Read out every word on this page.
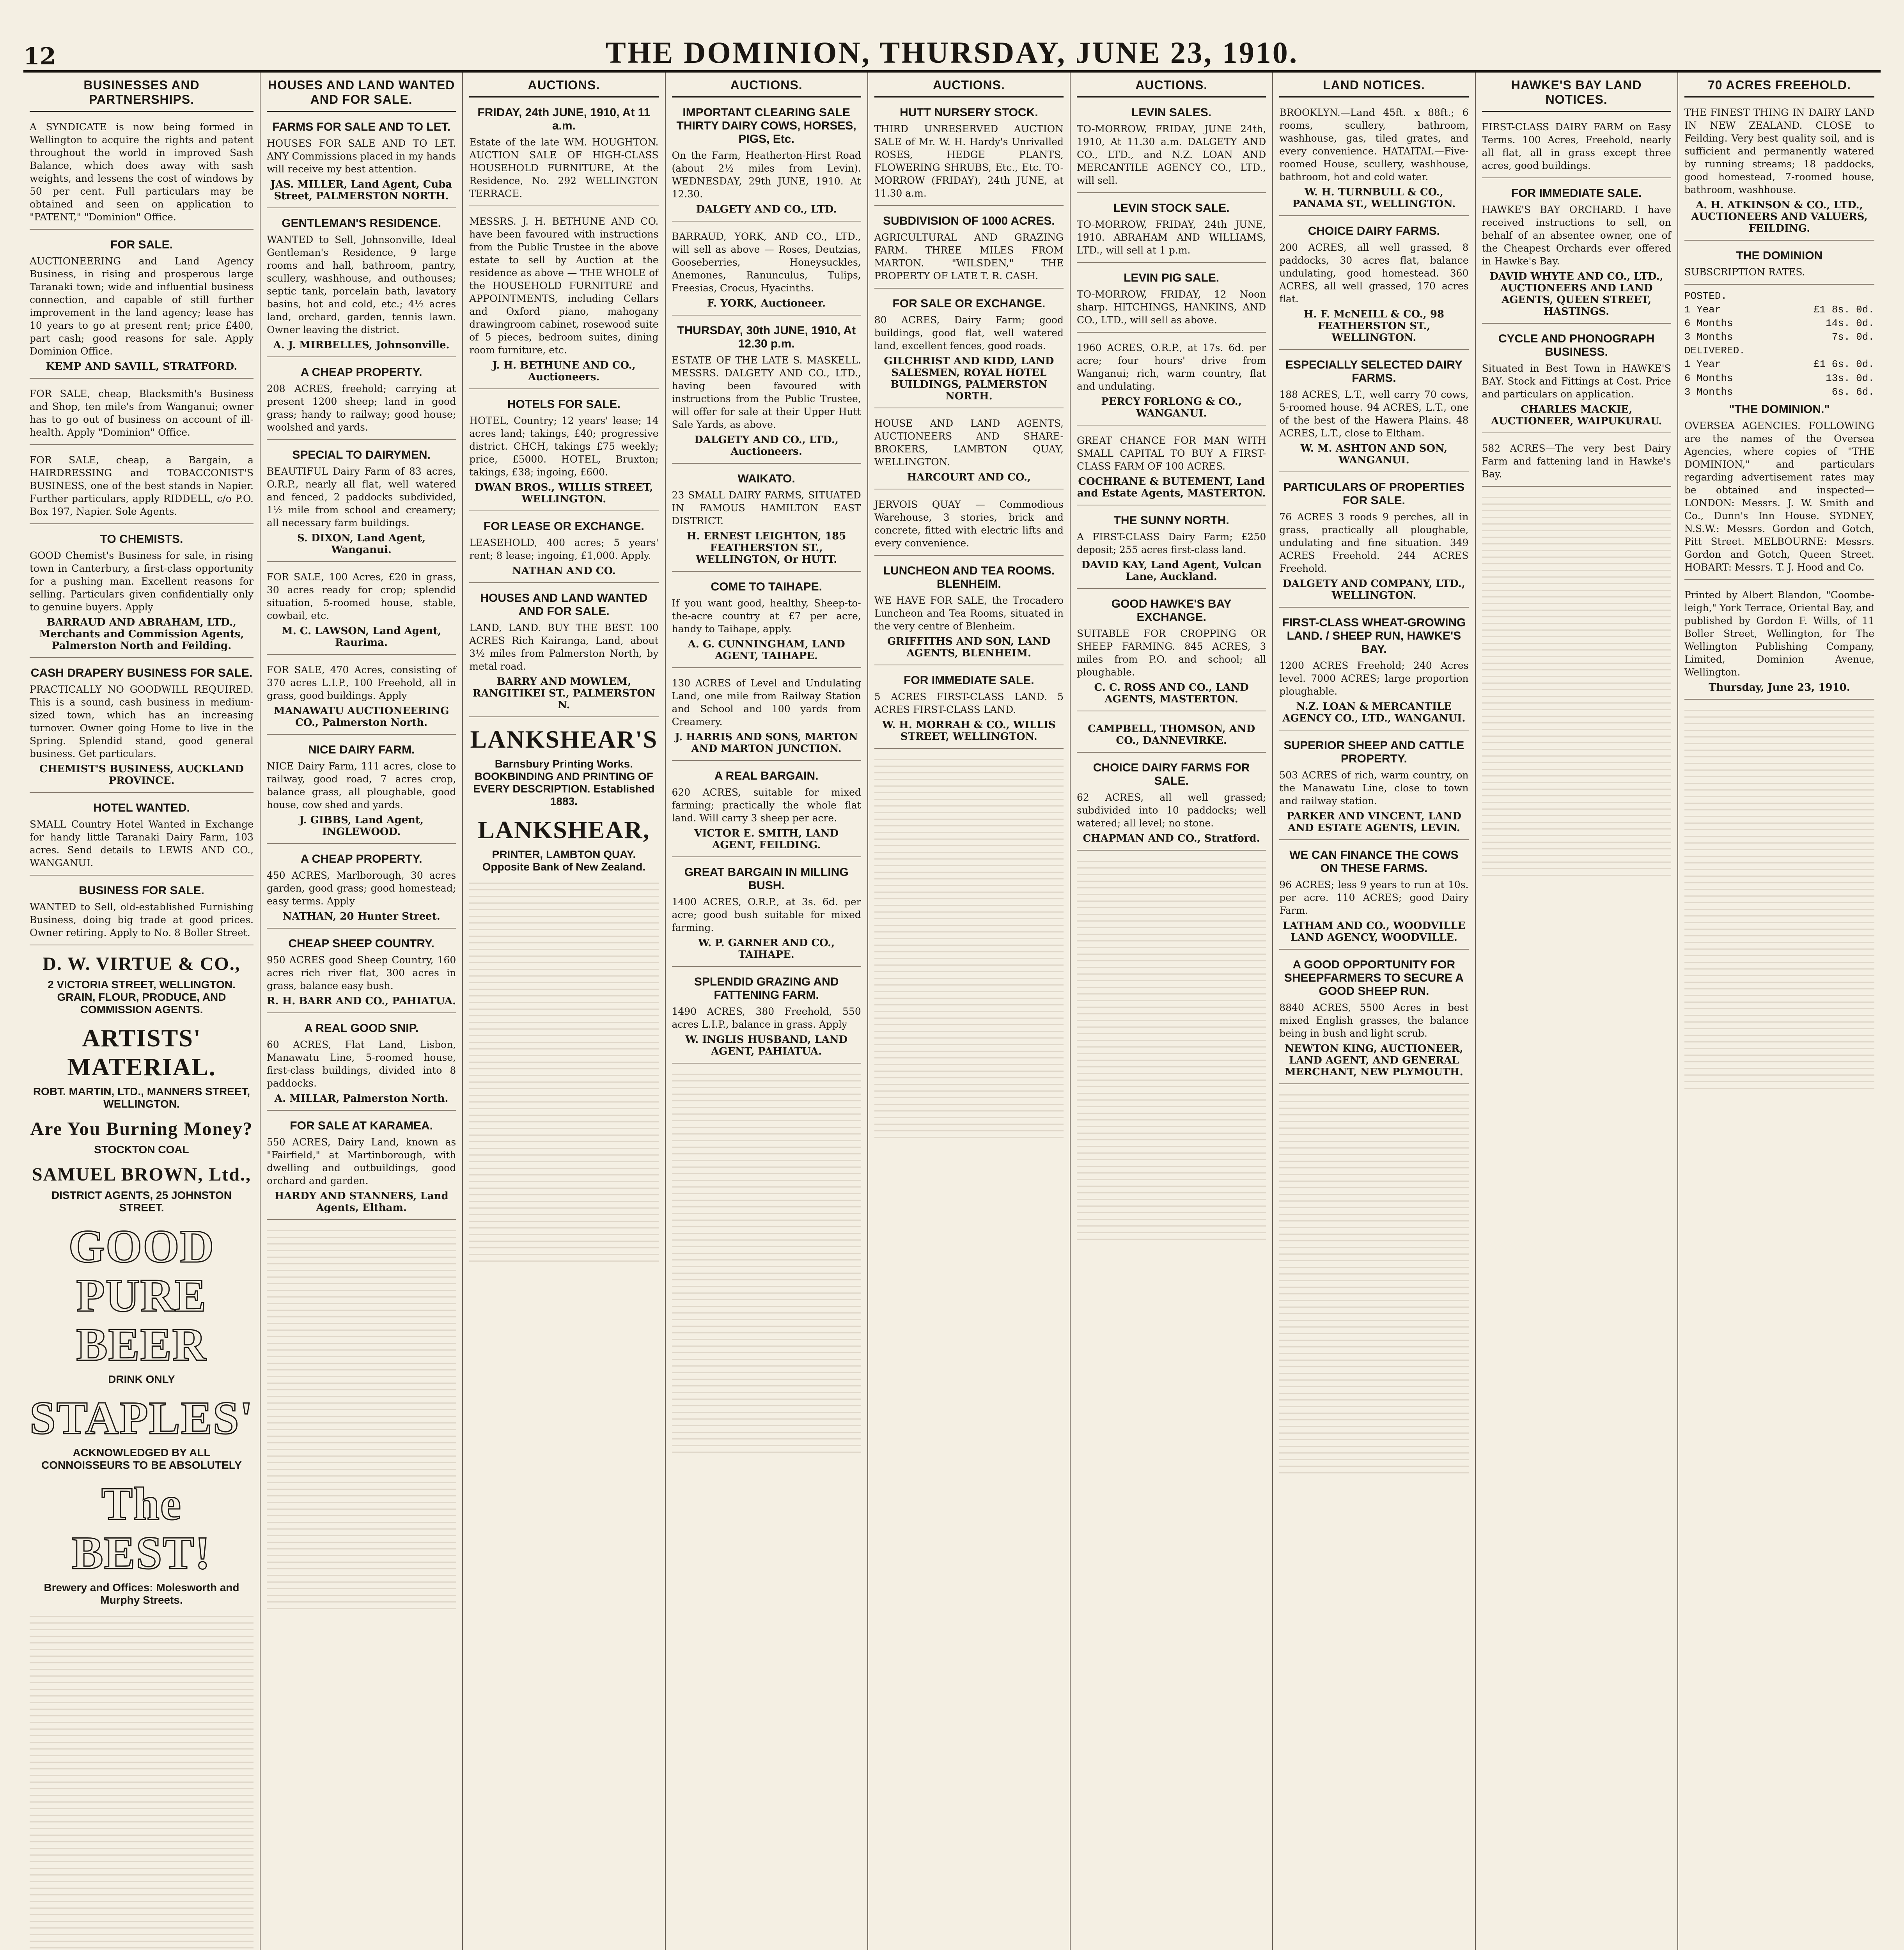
12	THE DOMINION, THURSDAY, JUNE 23, 1910.
BUSINESSES AND PARTNERSHIPS.
A SYNDICATE is now being formed in Wellington to acquire the rights and patent throughout the world in improved Sash Balance, which does away with sash weights, and lessens the cost of windows by 50 per cent. Full particulars may be obtained and seen on application to "PATENT," "Dominion" Office.
FOR SALE.
AUCTIONEERING and Land Agency Business, in rising and prosperous large Taranaki town; wide and influential business connection, and capable of still further improvement in the land agency; lease has 10 years to go at present rent; price £400, part cash; good reasons for sale. Apply Dominion Office.
KEMP AND SAVILL, STRATFORD.
FOR SALE, cheap, Blacksmith's Business and Shop, ten mile's from Wanganui; owner has to go out of business on account of ill-health. Apply "Dominion" Office.
FOR SALE, cheap, a Bargain, a HAIRDRESSING and TOBACCONIST'S BUSINESS, one of the best stands in Napier. Further particulars, apply RIDDELL, c/o P.O. Box 197, Napier. Sole Agents.
TO CHEMISTS.
GOOD Chemist's Business for sale, in rising town in Canterbury, a first-class opportunity for a pushing man. Excellent reasons for selling. Particulars given confidentially only to genuine buyers. Apply
BARRAUD AND ABRAHAM, LTD., Merchants and Commission Agents, Palmerston North and Feilding.
CASH DRAPERY BUSINESS FOR SALE.
PRACTICALLY NO GOODWILL REQUIRED. This is a sound, cash business in medium-sized town, which has an increasing turnover. Owner going Home to live in the Spring. Splendid stand, good general business. Get particulars.
CHEMIST'S BUSINESS, AUCKLAND PROVINCE.
HOTEL WANTED.
SMALL Country Hotel Wanted in Exchange for handy little Taranaki Dairy Farm, 103 acres. Send details to LEWIS AND CO., WANGANUI.
BUSINESS FOR SALE.
WANTED to Sell, old-established Furnishing Business, doing big trade at good prices. Owner retiring. Apply to No. 8 Boller Street.
D. W. VIRTUE & CO.,
2 VICTORIA STREET, WELLINGTON. GRAIN, FLOUR, PRODUCE, AND COMMISSION AGENTS.
ARTISTS' MATERIAL.
ROBT. MARTIN, LTD., MANNERS STREET, WELLINGTON.
Are You Burning Money?
STOCKTON COAL
SAMUEL BROWN, Ltd.,
DISTRICT AGENTS, 25 JOHNSTON STREET.
GOOD PURE BEER
DRINK ONLY
STAPLES'
ACKNOWLEDGED BY ALL CONNOISSEURS TO BE ABSOLUTELY
The BEST!
Brewery and Offices: Molesworth and Murphy Streets.
HOUSES AND LAND WANTED AND FOR SALE.
FARMS FOR SALE AND TO LET.
HOUSES FOR SALE AND TO LET. ANY Commissions placed in my hands will receive my best attention.
JAS. MILLER, Land Agent, Cuba Street, PALMERSTON NORTH.
GENTLEMAN'S RESIDENCE.
WANTED to Sell, Johnsonville, Ideal Gentleman's Residence, 9 large rooms and hall, bathroom, pantry, scullery, washhouse, and outhouses; septic tank, porcelain bath, lavatory basins, hot and cold, etc.; 4½ acres land, orchard, garden, tennis lawn. Owner leaving the district.
A. J. MIRBELLES, Johnsonville.
A CHEAP PROPERTY.
208 ACRES, freehold; carrying at present 1200 sheep; land in good grass; handy to railway; good house; woolshed and yards.
SPECIAL TO DAIRYMEN.
BEAUTIFUL Dairy Farm of 83 acres, O.R.P., nearly all flat, well watered and fenced, 2 paddocks subdivided, 1½ mile from school and creamery; all necessary farm buildings.
S. DIXON, Land Agent, Wanganui.
FOR SALE, 100 Acres, £20 in grass, 30 acres ready for crop; splendid situation, 5-roomed house, stable, cowbail, etc.
M. C. LAWSON, Land Agent, Raurima.
FOR SALE, 470 Acres, consisting of 370 acres L.I.P., 100 Freehold, all in grass, good buildings. Apply
MANAWATU AUCTIONEERING CO., Palmerston North.
NICE DAIRY FARM.
NICE Dairy Farm, 111 acres, close to railway, good road, 7 acres crop, balance grass, all ploughable, good house, cow shed and yards.
J. GIBBS, Land Agent, INGLEWOOD.
A CHEAP PROPERTY.
450 ACRES, Marlborough, 30 acres garden, good grass; good homestead; easy terms. Apply
NATHAN, 20 Hunter Street.
CHEAP SHEEP COUNTRY.
950 ACRES good Sheep Country, 160 acres rich river flat, 300 acres in grass, balance easy bush.
R. H. BARR AND CO., PAHIATUA.
A REAL GOOD SNIP.
60 ACRES, Flat Land, Lisbon, Manawatu Line, 5-roomed house, first-class buildings, divided into 8 paddocks.
A. MILLAR, Palmerston North.
FOR SALE AT KARAMEA.
550 ACRES, Dairy Land, known as "Fairfield," at Martinborough, with dwelling and outbuildings, good orchard and garden.
HARDY AND STANNERS, Land Agents, Eltham.
AUCTIONS.
FRIDAY, 24th JUNE, 1910, At 11 a.m.
Estate of the late WM. HOUGHTON. AUCTION SALE OF HIGH-CLASS HOUSEHOLD FURNITURE, At the Residence, No. 292 WELLINGTON TERRACE.
MESSRS. J. H. BETHUNE AND CO. have been favoured with instructions from the Public Trustee in the above estate to sell by Auction at the residence as above — THE WHOLE of the HOUSEHOLD FURNITURE and APPOINTMENTS, including Cellars and Oxford piano, mahogany drawingroom cabinet, rosewood suite of 5 pieces, bedroom suites, dining room furniture, etc.
J. H. BETHUNE AND CO., Auctioneers.
HOTELS FOR SALE.
HOTEL, Country; 12 years' lease; 14 acres land; takings, £40; progressive district. CHCH, takings £75 weekly; price, £5000. HOTEL, Bruxton; takings, £38; ingoing, £600.
DWAN BROS., WILLIS STREET, WELLINGTON.
FOR LEASE OR EXCHANGE.
LEASEHOLD, 400 acres; 5 years' rent; 8 lease; ingoing, £1,000. Apply.
NATHAN AND CO.
HOUSES AND LAND WANTED AND FOR SALE.
LAND, LAND. BUY THE BEST. 100 ACRES Rich Kairanga, Land, about 3½ miles from Palmerston North, by metal road.
BARRY AND MOWLEM, RANGITIKEI ST., PALMERSTON N.
LANKSHEAR'S
Barnsbury Printing Works. BOOKBINDING AND PRINTING OF EVERY DESCRIPTION. Established 1883.
LANKSHEAR,
PRINTER, LAMBTON QUAY. Opposite Bank of New Zealand.
AUCTIONS.
IMPORTANT CLEARING SALE THIRTY DAIRY COWS, HORSES, PIGS, Etc.
On the Farm, Heatherton-Hirst Road (about 2½ miles from Levin). WEDNESDAY, 29th JUNE, 1910. At 12.30.
DALGETY AND CO., LTD.
BARRAUD, YORK, AND CO., LTD., will sell as above — Roses, Deutzias, Gooseberries, Honeysuckles, Anemones, Ranunculus, Tulips, Freesias, Crocus, Hyacinths.
F. YORK, Auctioneer.
THURSDAY, 30th JUNE, 1910, At 12.30 p.m.
ESTATE OF THE LATE S. MASKELL. MESSRS. DALGETY AND CO., LTD., having been favoured with instructions from the Public Trustee, will offer for sale at their Upper Hutt Sale Yards, as above.
DALGETY AND CO., LTD., Auctioneers.
WAIKATO.
23 SMALL DAIRY FARMS, SITUATED IN FAMOUS HAMILTON EAST DISTRICT.
H. ERNEST LEIGHTON, 185 FEATHERSTON ST., WELLINGTON, Or HUTT.
COME TO TAIHAPE.
If you want good, healthy, Sheep-to-the-acre country at £7 per acre, handy to Taihape, apply.
A. G. CUNNINGHAM, LAND AGENT, TAIHAPE.
130 ACRES of Level and Undulating Land, one mile from Railway Station and School and 100 yards from Creamery.
J. HARRIS AND SONS, MARTON AND MARTON JUNCTION.
A REAL BARGAIN.
620 ACRES, suitable for mixed farming; practically the whole flat land. Will carry 3 sheep per acre.
VICTOR E. SMITH, LAND AGENT, FEILDING.
GREAT BARGAIN IN MILLING BUSH.
1400 ACRES, O.R.P., at 3s. 6d. per acre; good bush suitable for mixed farming.
W. P. GARNER AND CO., TAIHAPE.
SPLENDID GRAZING AND FATTENING FARM.
1490 ACRES, 380 Freehold, 550 acres L.I.P., balance in grass. Apply
W. INGLIS HUSBAND, LAND AGENT, PAHIATUA.
AUCTIONS.
HUTT NURSERY STOCK.
THIRD UNRESERVED AUCTION SALE of Mr. W. H. Hardy's Unrivalled ROSES, HEDGE PLANTS, FLOWERING SHRUBS, Etc., Etc. TO-MORROW (FRIDAY), 24th JUNE, at 11.30 a.m.
SUBDIVISION OF 1000 ACRES.
AGRICULTURAL AND GRAZING FARM. THREE MILES FROM MARTON. "WILSDEN," THE PROPERTY OF LATE T. R. CASH.
FOR SALE OR EXCHANGE.
80 ACRES, Dairy Farm; good buildings, good flat, well watered land, excellent fences, good roads.
GILCHRIST AND KIDD, LAND SALESMEN, ROYAL HOTEL BUILDINGS, PALMERSTON NORTH.
HOUSE AND LAND AGENTS, AUCTIONEERS AND SHARE-BROKERS, LAMBTON QUAY, WELLINGTON.
HARCOURT AND CO.,
JERVOIS QUAY — Commodious Warehouse, 3 stories, brick and concrete, fitted with electric lifts and every convenience.
LUNCHEON AND TEA ROOMS. BLENHEIM.
WE HAVE FOR SALE, the Trocadero Luncheon and Tea Rooms, situated in the very centre of Blenheim.
GRIFFITHS AND SON, LAND AGENTS, BLENHEIM.
FOR IMMEDIATE SALE.
5 ACRES FIRST-CLASS LAND. 5 ACRES FIRST-CLASS LAND.
W. H. MORRAH & CO., WILLIS STREET, WELLINGTON.
AUCTIONS.
LEVIN SALES.
TO-MORROW, FRIDAY, JUNE 24th, 1910, At 11.30 a.m. DALGETY AND CO., LTD., and N.Z. LOAN AND MERCANTILE AGENCY CO., LTD., will sell.
LEVIN STOCK SALE.
TO-MORROW, FRIDAY, 24th JUNE, 1910. ABRAHAM AND WILLIAMS, LTD., will sell at 1 p.m.
LEVIN PIG SALE.
TO-MORROW, FRIDAY, 12 Noon sharp. HITCHINGS, HANKINS, AND CO., LTD., will sell as above.
1960 ACRES, O.R.P., at 17s. 6d. per acre; four hours' drive from Wanganui; rich, warm country, flat and undulating.
PERCY FORLONG & CO., WANGANUI.
GREAT CHANCE FOR MAN WITH SMALL CAPITAL TO BUY A FIRST-CLASS FARM OF 100 ACRES.
COCHRANE & BUTEMENT, Land and Estate Agents, MASTERTON.
THE SUNNY NORTH.
A FIRST-CLASS Dairy Farm; £250 deposit; 255 acres first-class land.
DAVID KAY, Land Agent, Vulcan Lane, Auckland.
GOOD HAWKE'S BAY EXCHANGE.
SUITABLE FOR CROPPING OR SHEEP FARMING. 845 ACRES, 3 miles from P.O. and school; all ploughable.
C. C. ROSS AND CO., LAND AGENTS, MASTERTON.
CAMPBELL, THOMSON, AND CO., DANNEVIRKE.
CHOICE DAIRY FARMS FOR SALE.
62 ACRES, all well grassed; subdivided into 10 paddocks; well watered; all level; no stone.
CHAPMAN AND CO., Stratford.
LAND NOTICES.
BROOKLYN.—Land 45ft. x 88ft.; 6 rooms, scullery, bathroom, washhouse, gas, tiled grates, and every convenience. HATAITAI.—Five-roomed House, scullery, washhouse, bathroom, hot and cold water.
W. H. TURNBULL & CO., PANAMA ST., WELLINGTON.
CHOICE DAIRY FARMS.
200 ACRES, all well grassed, 8 paddocks, 30 acres flat, balance undulating, good homestead. 360 ACRES, all well grassed, 170 acres flat.
H. F. McNEILL & CO., 98 FEATHERSTON ST., WELLINGTON.
ESPECIALLY SELECTED DAIRY FARMS.
188 ACRES, L.T., well carry 70 cows, 5-roomed house. 94 ACRES, L.T., one of the best of the Hawera Plains. 48 ACRES, L.T., close to Eltham.
W. M. ASHTON AND SON, WANGANUI.
PARTICULARS OF PROPERTIES FOR SALE.
76 ACRES 3 roods 9 perches, all in grass, practically all ploughable, undulating and fine situation. 349 ACRES Freehold. 244 ACRES Freehold.
DALGETY AND COMPANY, LTD., WELLINGTON.
FIRST-CLASS WHEAT-GROWING LAND. / SHEEP RUN, HAWKE'S BAY.
1200 ACRES Freehold; 240 Acres level. 7000 ACRES; large proportion ploughable.
N.Z. LOAN & MERCANTILE AGENCY CO., LTD., WANGANUI.
SUPERIOR SHEEP AND CATTLE PROPERTY.
503 ACRES of rich, warm country, on the Manawatu Line, close to town and railway station.
PARKER AND VINCENT, LAND AND ESTATE AGENTS, LEVIN.
WE CAN FINANCE THE COWS ON THESE FARMS.
96 ACRES; less 9 years to run at 10s. per acre. 110 ACRES; good Dairy Farm.
LATHAM AND CO., WOODVILLE LAND AGENCY, WOODVILLE.
A GOOD OPPORTUNITY FOR SHEEPFARMERS TO SECURE A GOOD SHEEP RUN.
8840 ACRES, 5500 Acres in best mixed English grasses, the balance being in bush and light scrub.
NEWTON KING, AUCTIONEER, LAND AGENT, AND GENERAL MERCHANT, NEW PLYMOUTH.
HAWKE'S BAY LAND NOTICES.
FIRST-CLASS DAIRY FARM on Easy Terms. 100 Acres, Freehold, nearly all flat, all in grass except three acres, good buildings.
FOR IMMEDIATE SALE.
HAWKE'S BAY ORCHARD. I have received instructions to sell, on behalf of an absentee owner, one of the Cheapest Orchards ever offered in Hawke's Bay.
DAVID WHYTE AND CO., LTD., AUCTIONEERS AND LAND AGENTS, QUEEN STREET, HASTINGS.
CYCLE AND PHONOGRAPH BUSINESS.
Situated in Best Town in HAWKE'S BAY. Stock and Fittings at Cost. Price and particulars on application.
CHARLES MACKIE, AUCTIONEER, WAIPUKURAU.
582 ACRES—The very best Dairy Farm and fattening land in Hawke's Bay.
70 ACRES FREEHOLD.
THE FINEST THING IN DAIRY LAND IN NEW ZEALAND. CLOSE to Feilding. Very best quality soil, and is sufficient and permanently watered by running streams; 18 paddocks, good homestead, 7-roomed house, bathroom, washhouse.
A. H. ATKINSON & CO., LTD., AUCTIONEERS AND VALUERS, FEILDING.
THE DOMINION
SUBSCRIPTION RATES.
POSTED.
1 Year	£1 8s. 0d.
6 Months	14s. 0d.
3 Months	7s. 0d.
DELIVERED.
1 Year	£1 6s. 0d.
6 Months	13s. 0d.
3 Months	6s. 6d.
"THE DOMINION."
OVERSEA AGENCIES. FOLLOWING are the names of the Oversea Agencies, where copies of "THE DOMINION," and particulars regarding advertisement rates may be obtained and inspected— LONDON: Messrs. J. W. Smith and Co., Dunn's Inn House. SYDNEY, N.S.W.: Messrs. Gordon and Gotch, Pitt Street. MELBOURNE: Messrs. Gordon and Gotch, Queen Street. HOBART: Messrs. T. J. Hood and Co.
Printed by Albert Blandon, "Coombe-leigh," York Terrace, Oriental Bay, and published by Gordon F. Wills, of 11 Boller Street, Wellington, for The Wellington Publishing Company, Limited, Dominion Avenue, Wellington.
Thursday, June 23, 1910.
